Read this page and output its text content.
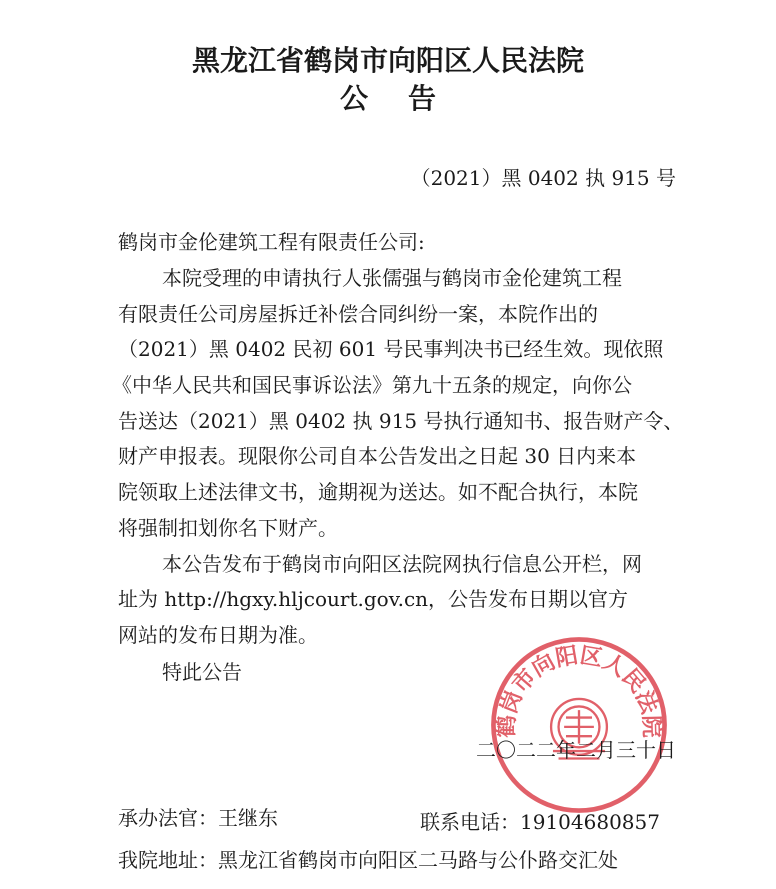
黑龙江省鹤岗市向阳区人民法院
公告
（2021）黑 0402 执 915 号
鹤岗市金伦建筑工程有限责任公司:
本院受理的申请执行人张儒强与鹤岗市金伦建筑工程
有限责任公司房屋拆迁补偿合同纠纷一案，本院作出的
（2021）黑 0402 民初 601 号民事判决书已经生效。现依照
《中华人民共和国民事诉讼法》第九十五条的规定，向你公
告送达（2021）黑 0402 执 915 号执行通知书、报告财产令、
财产申报表。现限你公司自本公告发出之日起 30 日内来本
院领取上述法律文书，逾期视为送达。如不配合执行，本院
将强制扣划你名下财产。
本公告发布于鹤岗市向阳区法院网执行信息公开栏，网
址为 http://hgxy.hljcourt.gov.cn，公告发布日期以官方
网站的发布日期为准。
特此公告
鹤岗市向阳区人民法院
二〇二二年二月三十日
承办法官：王继东	联系电话：19104680857
我院地址：黑龙江省鹤岗市向阳区二马路与公仆路交汇处
